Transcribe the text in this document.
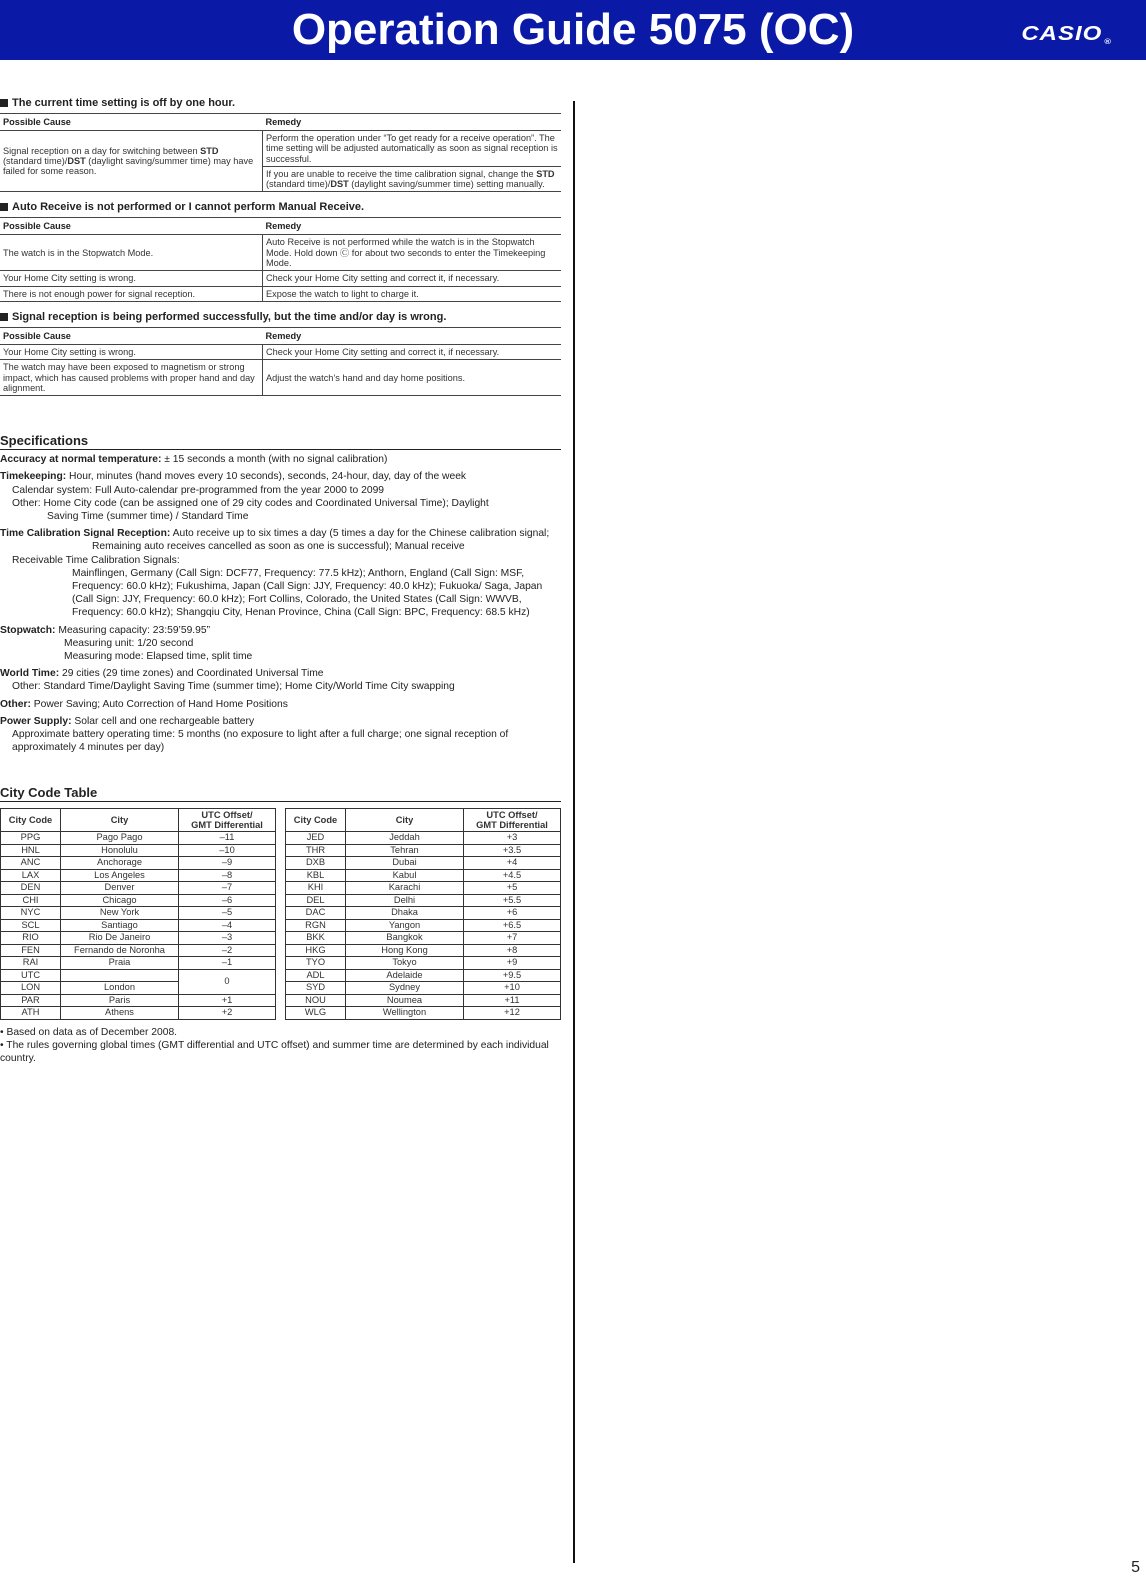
Operation Guide 5075 (OC)	CASIO ®
The current time setting is off by one hour.
Possible Cause	Remedy
Signal reception on a day for switching between STD (standard time)/DST (daylight saving/summer time) may have failed for some reason.	Perform the operation under “To get ready for a receive operation”. The time setting will be adjusted automatically as soon as signal reception is successful.
	If you are unable to receive the time calibration signal, change the STD (standard time)/DST (daylight saving/summer time) setting manually.
Auto Receive is not performed or I cannot perform Manual Receive.
Possible Cause	Remedy
The watch is in the Stopwatch Mode.	Auto Receive is not performed while the watch is in the Stopwatch Mode. Hold down Ⓒ for about two seconds to enter the Timekeeping Mode.
Your Home City setting is wrong.	Check your Home City setting and correct it, if necessary.
There is not enough power for signal reception.	Expose the watch to light to charge it.
Signal reception is being performed successfully, but the time and/or day is wrong.
Possible Cause	Remedy
Your Home City setting is wrong.	Check your Home City setting and correct it, if necessary.
The watch may have been exposed to magnetism or strong impact, which has caused problems with proper hand and day alignment.	Adjust the watch’s hand and day home positions.
Specifications

Accuracy at normal temperature: ± 15 seconds a month (with no signal calibration)

Timekeeping: Hour, minutes (hand moves every 10 seconds), seconds, 24-hour, day, day of the week

Calendar system: Full Auto-calendar pre-programmed from the year 2000 to 2099

Other: Home City code (can be assigned one of 29 city codes and Coordinated Universal Time); Daylight

Saving Time (summer time) / Standard Time

Time Calibration Signal Reception: Auto receive up to six times a day (5 times a day for the Chinese calibration signal; Remaining auto receives cancelled as soon as one is successful); Manual receive

Receivable Time Calibration Signals:

Mainflingen, Germany (Call Sign: DCF77, Frequency: 77.5 kHz); Anthorn, England (Call Sign: MSF, Frequency: 60.0 kHz); Fukushima, Japan (Call Sign: JJY, Frequency: 40.0 kHz); Fukuoka/ Saga, Japan (Call Sign: JJY, Frequency: 60.0 kHz); Fort Collins, Colorado, the United States (Call Sign: WWVB, Frequency: 60.0 kHz); Shangqiu City, Henan Province, China (Call Sign: BPC, Frequency: 68.5 kHz)

Stopwatch: Measuring capacity: 23:59’59.95”

Measuring unit: 1/20 second

Measuring mode: Elapsed time, split time

World Time: 29 cities (29 time zones) and Coordinated Universal Time

Other: Standard Time/Daylight Saving Time (summer time); Home City/World Time City swapping

Other: Power Saving; Auto Correction of Hand Home Positions

Power Supply: Solar cell and one rechargeable battery

Approximate battery operating time: 5 months (no exposure to light after a full charge; one signal reception of approximately 4 minutes per day)

City Code Table
City Code	City	UTC Offset/
GMT Differential
PPG	Pago Pago	–11
HNL	Honolulu	–10
ANC	Anchorage	–9
LAX	Los Angeles	–8
DEN	Denver	–7
CHI	Chicago	–6
NYC	New York	–5
SCL	Santiago	–4
RIO	Rio De Janeiro	–3
FEN	Fernando de Noronha	–2
RAI	Praia	–1
UTC		0
LON	London	
PAR	Paris	+1
ATH	Athens	+2
City Code	City	UTC Offset/
GMT Differential
JED	Jeddah	+3
THR	Tehran	+3.5
DXB	Dubai	+4
KBL	Kabul	+4.5
KHI	Karachi	+5
DEL	Delhi	+5.5
DAC	Dhaka	+6
RGN	Yangon	+6.5
BKK	Bangkok	+7
HKG	Hong Kong	+8
TYO	Tokyo	+9
ADL	Adelaide	+9.5
SYD	Sydney	+10
NOU	Noumea	+11
WLG	Wellington	+12

• Based on data as of December 2008.

• The rules governing global times (GMT differential and UTC offset) and summer time are determined by each individual country.

5
